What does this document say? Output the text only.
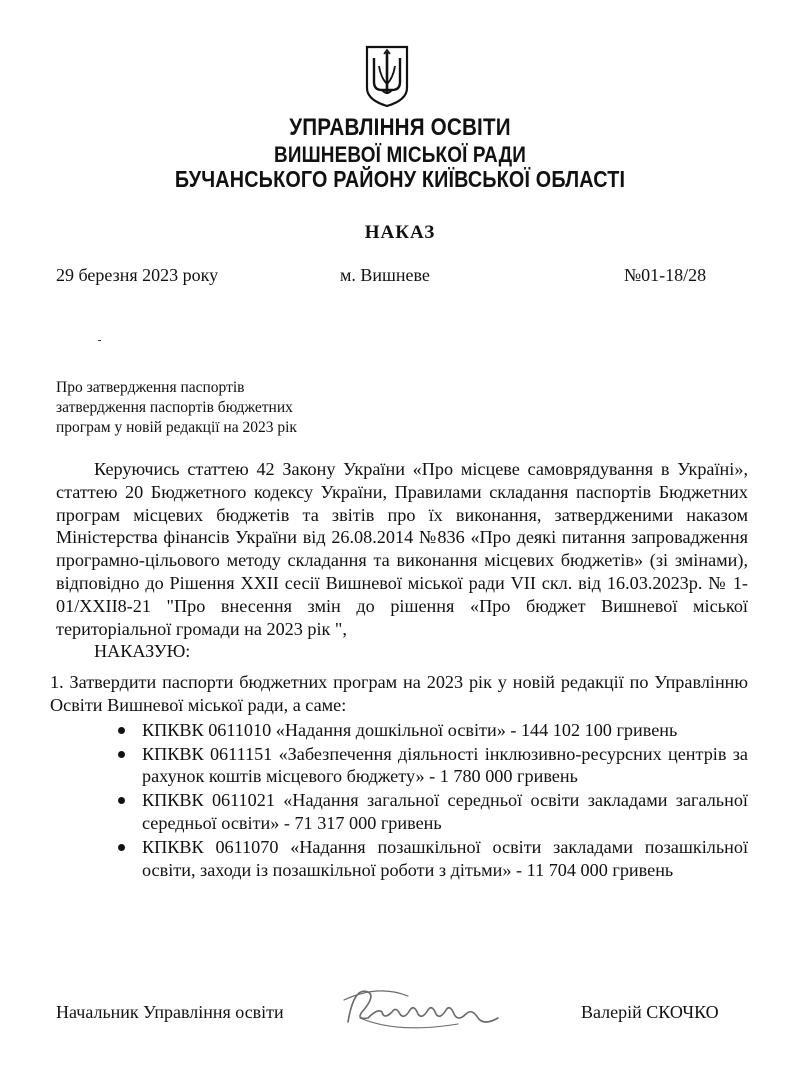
УПРАВЛІННЯ ОСВІТИ
ВИШНЕВОЇ МІСЬКОЇ РАДИ
БУЧАНСЬКОГО РАЙОНУ КИЇВСЬКОЇ ОБЛАСТІ
НАКАЗ
29 березня 2023 року	м. Вишневе	№01-18/28
Про затвердження паспортів
затвердження паспортів бюджетних
програм у новій редакції на 2023 рік

Керуючись статтею 42 Закону України «Про місцеве самоврядування в Україні», статтею 20 Бюджетного кодексу України, Правилами складання паспортів Бюджетних програм місцевих бюджетів та звітів про їх виконання, затвердженими наказом Міністерства фінансів України від 26.08.2014 №836 «Про деякі питання запровадження програмно-цільового методу складання та виконання місцевих бюджетів» (зі змінами), відповідно до Рішення ХХІІ сесії Вишневої міської ради VII скл. від 16.03.2023р. № 1-01/ХХІІ8-21 "Про внесення змін до рішення «Про бюджет Вишневої міської територіальної громади на 2023 рік ",

НАКАЗУЮ:

1. Затвердити паспорти бюджетних програм на 2023 рік у новій редакції по Управлінню Освіти Вишневої міської ради, а саме:

КПКВК 0611010 «Надання дошкільної освіти» - 144 102 100 гривень
КПКВК 0611151 «Забезпечення діяльності інклюзивно-ресурсних центрів за рахунок коштів місцевого бюджету» - 1 780 000 гривень
КПКВК 0611021 «Надання загальної середньої освіти закладами загальної середньої освіти» - 71 317 000 гривень
КПКВК 0611070 «Надання позашкільної освіти закладами позашкільної освіти, заходи із позашкільної роботи з дітьми» - 11 704 000 гривень
Начальник Управління освіти	Валерій СКОЧКО
